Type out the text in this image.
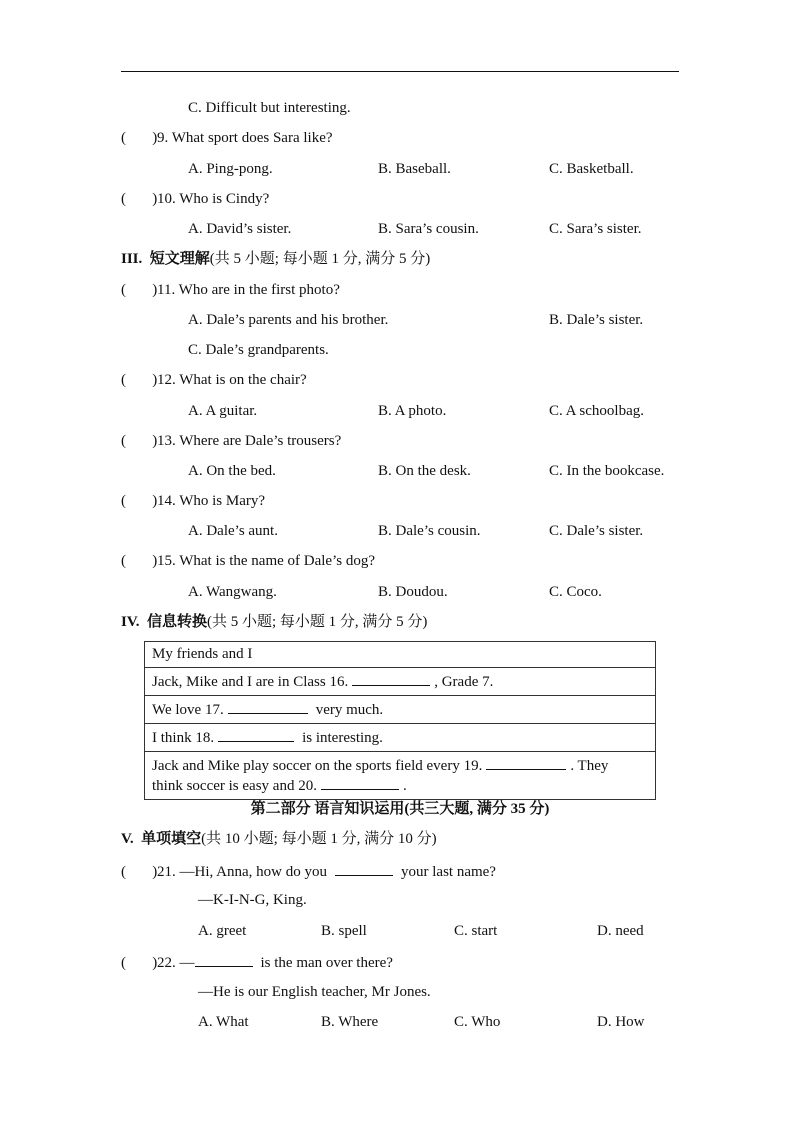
C. Difficult but interesting.
(       )9. What sport does Sara like?
A. Ping-pong.	B. Baseball.	C. Basketball.
(       )10. Who is Cindy?
A. David’s sister.	B. Sara’s cousin.	C. Sara’s sister.
III. 短文理解(共 5 小题; 每小题 1 分, 满分 5 分)
(       )11. Who are in the first photo?
A. Dale’s parents and his brother.	B. Dale’s sister.
C. Dale’s grandparents.
(       )12. What is on the chair?
A. A guitar.	B. A photo.	C. A schoolbag.
(       )13. Where are Dale’s trousers?
A. On the bed.	B. On the desk.	C. In the bookcase.
(       )14. Who is Mary?
A. Dale’s aunt.	B. Dale’s cousin.	C. Dale’s sister.
(       )15. What is the name of Dale’s dog?
A. Wangwang.	B. Doudou.	C. Coco.
IV. 信息转换(共 5 小题; 每小题 1 分, 满分 5 分)
My friends and I
Jack, Mike and I are in Class 16.	, Grade 7.
We love 17.	very much.
I think 18.	is interesting.
Jack and Mike play soccer on the sports field every 19.	. They
think soccer is easy and 20.	.
第二部分 语言知识运用(共三大题, 满分 35 分)
V. 单项填空(共 10 小题; 每小题 1 分, 满分 10 分)
(       )21. —Hi, Anna, how do you	your last name?
—K-I-N-G, King.
A. greet	B. spell	C. start	D. need
(       )22. —	is the man over there?
—He is our English teacher, Mr Jones.
A. What	B. Where	C. Who	D. How
